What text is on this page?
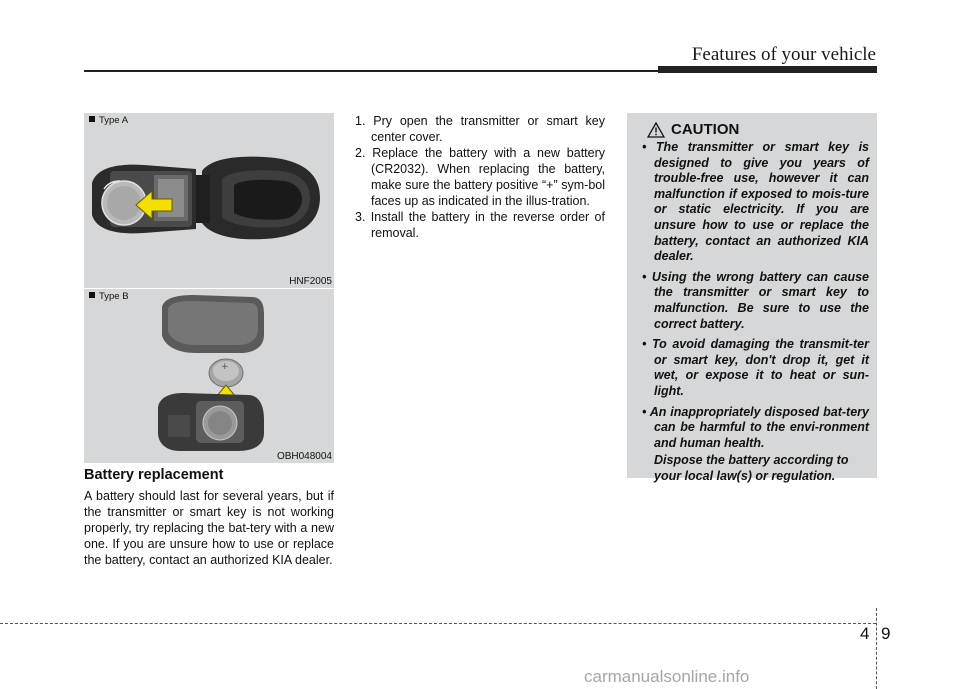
Features of your vehicle
Type A
HNF2005
+
Type B
OBH048004
Battery replacement

A battery should last for several years, but if the transmitter or smart key is not working properly, try replacing the bat-tery with a new one. If you are unsure how to use or replace the battery, contact an authorized KIA dealer.

1. Pry open the transmitter or smart key center cover.
2. Replace the battery with a new battery (CR2032). When replacing the battery, make sure the battery positive “+” sym-bol faces up as indicated in the illus-tration.
3. Install the battery in the reverse order of removal.
CAUTION
• The transmitter or smart key is designed to give you years of trouble-free use, however it can malfunction if exposed to mois-ture or static electricity. If you are unsure how to use or replace the battery, contact an authorized KIA dealer.
• Using the wrong battery can cause the transmitter or smart key to malfunction. Be sure to use the correct battery.
• To avoid damaging the transmit-ter or smart key, don't drop it, get it wet, or expose it to heat or sun-light.
• An inappropriately disposed bat-tery can be harmful to the envi-ronment and human health.

Dispose the battery according to your local law(s) or regulation.

4 9
carmanualsonline.info
